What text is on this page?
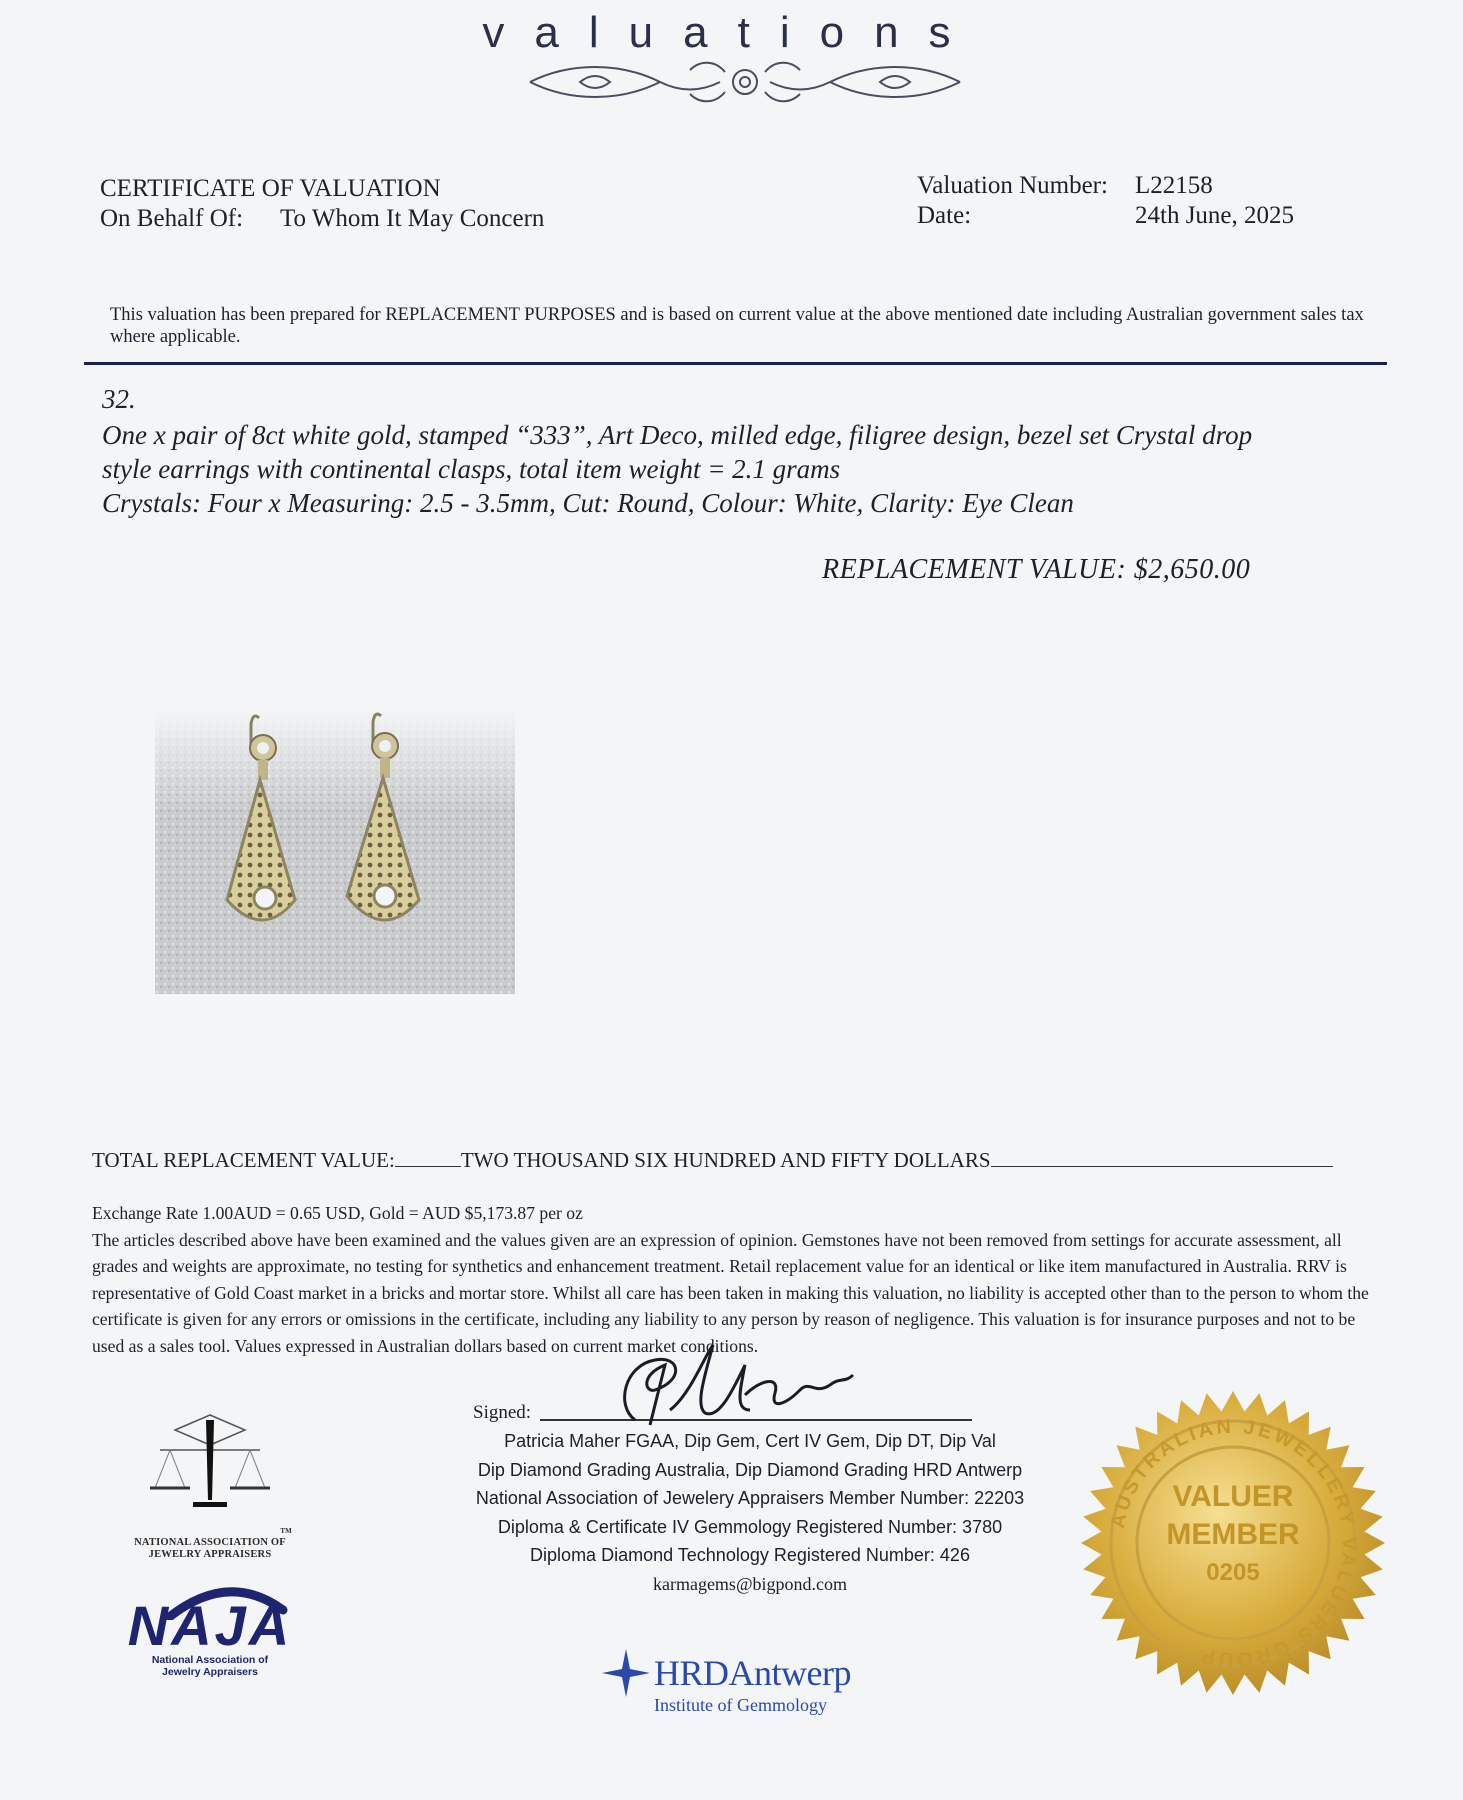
valuations
CERTIFICATE OF VALUATION
On Behalf Of: To Whom It May Concern
Valuation Number: L22158
Date:	24th June, 2025
This valuation has been prepared for REPLACEMENT PURPOSES and is based on current value at the above mentioned date including Australian government sales tax where applicable.
32.
One x pair of 8ct white gold, stamped “333”, Art Deco, milled edge, filigree design, bezel set Crystal drop
style earrings with continental clasps, total item weight = 2.1 grams
Crystals: Four x Measuring: 2.5 - 3.5mm, Cut: Round, Colour: White, Clarity: Eye Clean
REPLACEMENT VALUE: $2,650.00
TOTAL REPLACEMENT VALUE:	TWO THOUSAND SIX HUNDRED AND FIFTY DOLLARS
Exchange Rate 1.00AUD = 0.65 USD, Gold = AUD $5,173.87 per oz
The articles described above have been examined and the values given are an expression of opinion. Gemstones have not been removed from settings for accurate assessment, all grades and weights are approximate, no testing for synthetics and enhancement treatment. Retail replacement value for an identical or like item manufactured in Australia. RRV is representative of Gold Coast market in a bricks and mortar store. Whilst all care has been taken in making this valuation, no liability is accepted other than to the person to whom the certificate is given for any errors or omissions in the certificate, including any liability to any person by reason of negligence. This valuation is for insurance purposes and not to be used as a sales tool. Values expressed in Australian dollars based on current market conditions.
Signed:
Patricia Maher FGAA, Dip Gem, Cert IV Gem, Dip DT, Dip Val
Dip Diamond Grading Australia, Dip Diamond Grading HRD Antwerp
National Association of Jewelery Appraisers Member Number: 22203
Diploma & Certificate IV Gemmology Registered Number: 3780
Diploma Diamond Technology Registered Number: 426
karmagems@bigpond.com
TM
NATIONAL ASSOCIATION OF
JEWELRY APPRAISERS
NAJA
National Association of
Jewelry Appraisers	HRDAntwerp
Institute of Gemmology
AUSTRALIAN JEWELLERY VALUERS GROUP
VALUER
MEMBER
0205
